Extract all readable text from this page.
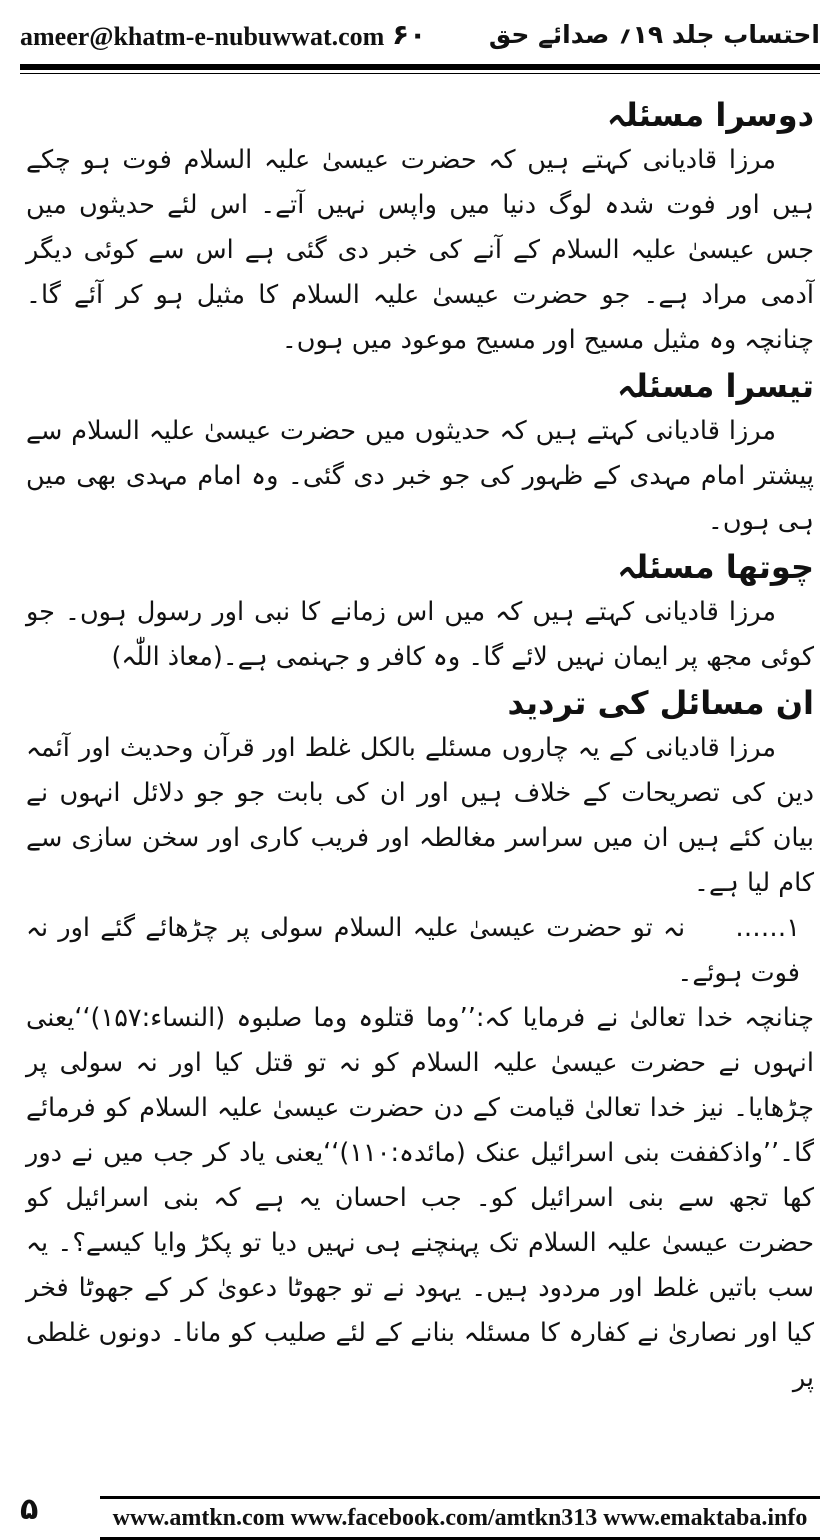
ameer@khatm-e-nubuwwat.com ۶۰	احتساب جلد ۱۹؍ صدائے حق
دوسرا مسئلہ

مرزا قادیانی کہتے ہیں کہ حضرت عیسیٰ علیہ السلام فوت ہو چکے ہیں اور فوت شدہ لوگ دنیا میں واپس نہیں آتے۔ اس لئے حدیثوں میں جس عیسیٰ علیہ السلام کے آنے کی خبر دی گئی ہے اس سے کوئی دیگر آدمی مراد ہے۔ جو حضرت عیسیٰ علیہ السلام کا مثیل ہو کر آئے گا۔ چنانچہ وہ مثیل مسیح اور مسیح موعود میں ہوں۔

تیسرا مسئلہ

مرزا قادیانی کہتے ہیں کہ حدیثوں میں حضرت عیسیٰ علیہ السلام سے پیشتر امام مہدی کے ظہور کی جو خبر دی گئی۔ وہ امام مہدی بھی میں ہی ہوں۔

چوتھا مسئلہ

مرزا قادیانی کہتے ہیں کہ میں اس زمانے کا نبی اور رسول ہوں۔ جو کوئی مجھ پر ایمان نہیں لائے گا۔ وہ کافر و جہنمی ہے۔(معاذ اللّٰہ)

ان مسائل کی تردید

مرزا قادیانی کے یہ چاروں مسئلے بالکل غلط اور قرآن وحدیث اور آئمہ دین کی تصریحات کے خلاف ہیں اور ان کی بابت جو جو دلائل انہوں نے بیان کئے ہیں ان میں سراسر مغالطہ اور فریب کاری اور سخن سازی سے کام لیا ہے۔

۱…… نہ تو حضرت عیسیٰ علیہ السلام سولی پر چڑھائے گئے اور نہ فوت ہوئے۔

چنانچہ خدا تعالیٰ نے فرمایا کہ:’’وما قتلوہ وما صلبوہ (النساء:۱۵۷)‘‘یعنی انہوں نے حضرت عیسیٰ علیہ السلام کو نہ تو قتل کیا اور نہ سولی پر چڑھایا۔ نیز خدا تعالیٰ قیامت کے دن حضرت عیسیٰ علیہ السلام کو فرمائے گا۔’’واذکففت بنی اسرائیل عنک (مائدہ:۱۱۰)‘‘یعنی یاد کر جب میں نے دور کھا تجھ سے بنی اسرائیل کو۔ جب احسان یہ ہے کہ بنی اسرائیل کو حضرت عیسیٰ علیہ السلام تک پہنچنے ہی نہیں دیا تو پکڑ وایا کیسے؟۔ یہ سب باتیں غلط اور مردود ہیں۔ یہود نے تو جھوٹا دعویٰ کر کے جھوٹا فخر کیا اور نصاریٰ نے کفارہ کا مسئلہ بنانے کے لئے صلیب کو مانا۔ دونوں غلطی پر

۵	www.amtkn.com www.facebook.com/amtkn313 www.emaktaba.info
